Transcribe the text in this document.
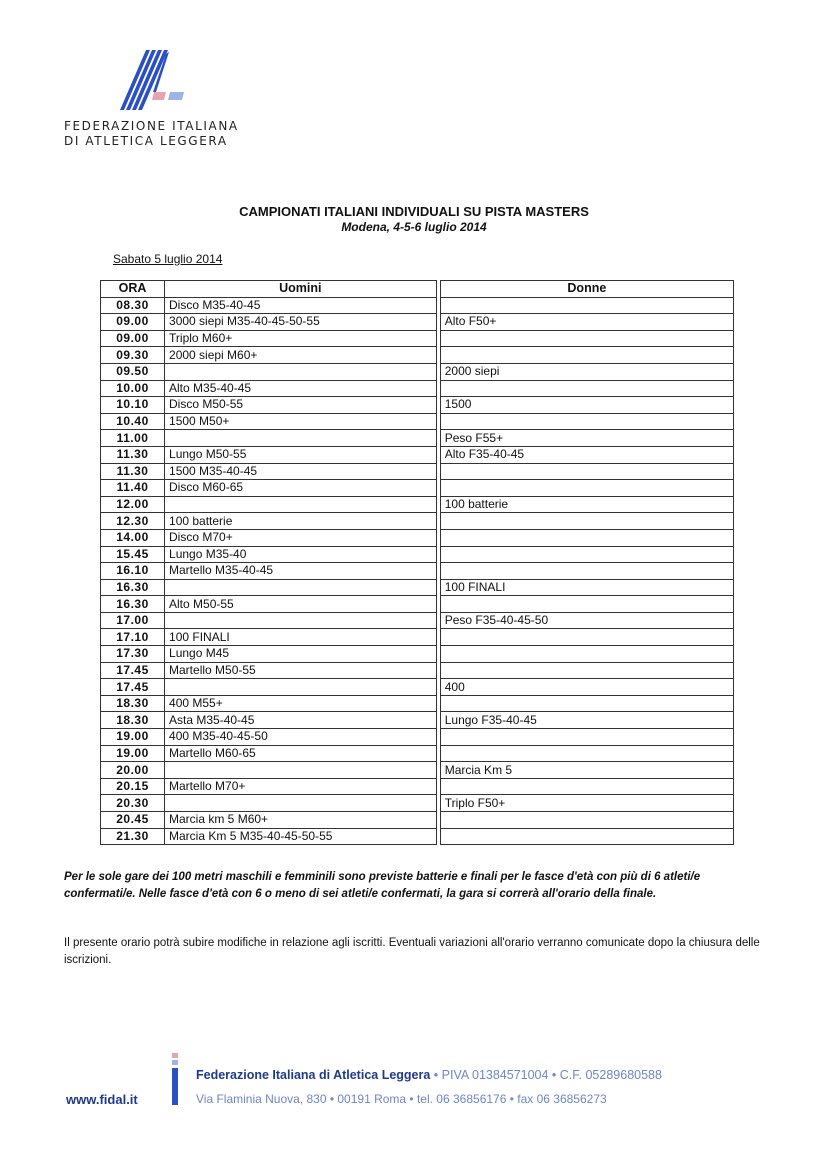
FEDERAZIONE ITALIANA
DI ATLETICA LEGGERA
CAMPIONATI ITALIANI INDIVIDUALI SU PISTA MASTERS
Modena, 4-5-6 luglio 2014
Sabato 5 luglio 2014
ORA	Uomini		Donne
08.30	Disco M35-40-45		
09.00	3000 siepi M35-40-45-50-55		Alto F50+
09.00	Triplo M60+		
09.30	2000 siepi M60+		
09.50			2000 siepi
10.00	Alto M35-40-45		
10.10	Disco M50-55		1500
10.40	1500 M50+		
11.00			Peso F55+
11.30	Lungo M50-55		Alto F35-40-45
11.30	1500 M35-40-45		
11.40	Disco M60-65		
12.00			100 batterie
12.30	100 batterie		
14.00	Disco M70+		
15.45	Lungo M35-40		
16.10	Martello M35-40-45		
16.30			100 FINALI
16.30	Alto M50-55		
17.00			Peso F35-40-45-50
17.10	100 FINALI		
17.30	Lungo M45		
17.45	Martello M50-55		
17.45			400
18.30	400 M55+		
18.30	Asta M35-40-45		Lungo F35-40-45
19.00	400 M35-40-45-50		
19.00	Martello M60-65		
20.00			Marcia Km 5
20.15	Martello M70+		
20.30			Triplo F50+
20.45	Marcia km 5 M60+		
21.30	Marcia Km 5 M35-40-45-50-55		

Per le sole gare dei 100 metri maschili e femminili sono previste batterie e finali per le fasce d'età con più di 6 atleti/e confermati/e. Nelle fasce d'età con 6 o meno di sei atleti/e confermati, la gara si correrà all'orario della finale.

Il presente orario potrà subire modifiche in relazione agli iscritti. Eventuali variazioni all'orario verranno comunicate dopo la chiusura delle iscrizioni.

www.fidal.it
Federazione Italiana di Atletica Leggera • PIVA 01384571004 • C.F. 05289680588
Via Flaminia Nuova, 830 • 00191 Roma • tel. 06 36856176 • fax 06 36856273
